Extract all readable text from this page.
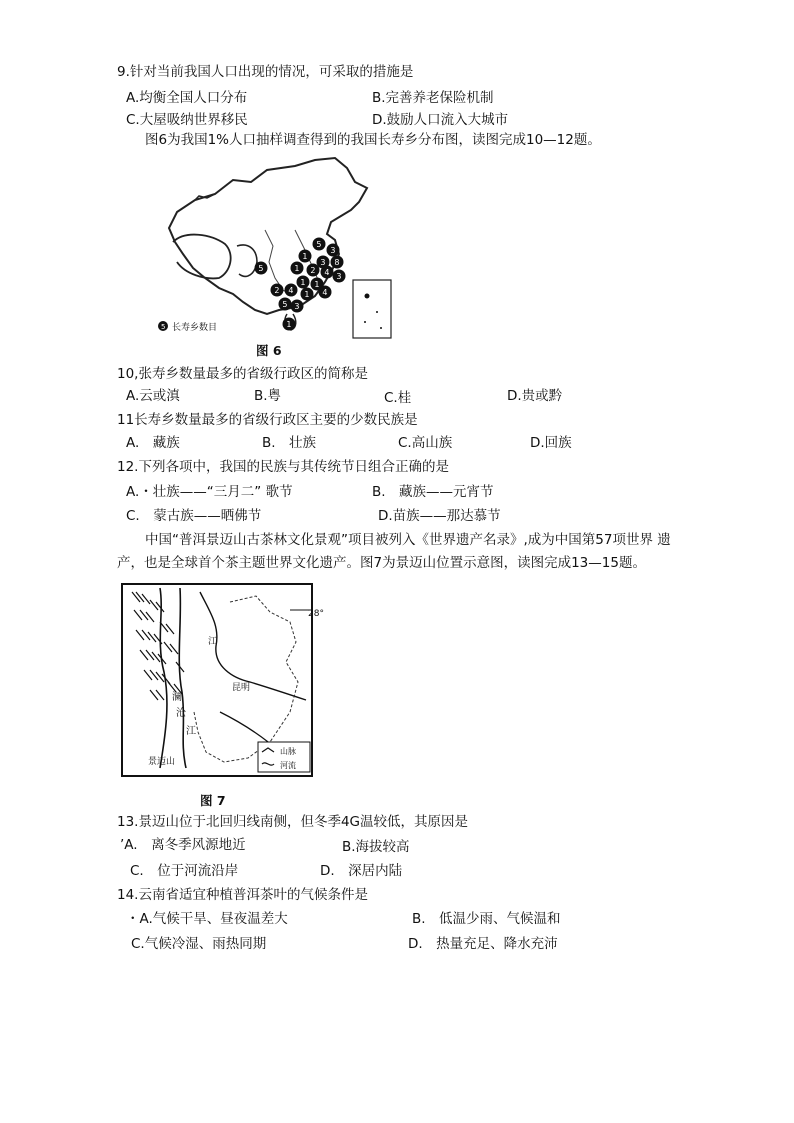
9.针对当前我国人口出现的情况，可采取的措施是
A.均衡全国人口分布	B.完善养老保险机制
C.大屋吸纳世界移民	D.鼓励人口流入大城市
图6为我国1%人口抽样调查得到的我国长寿乡分布图，读图完成10—12题。
5
3
1
3 8
1 2 4 3
1 1
5
2 4 1 4
5 3
1
5 长寿乡数目
图 6
10,张寿乡数量最多的省级行政区的简称是
A.云或滇	B.粤	C.桂	D.贵或黔
11长寿乡数量最多的省级行政区主要的少数民族是
A.　藏族	B.　壮族	C.高山族	D.回族
12.下列各项中，我国的民族与其传统节日组合正确的是
A.・壮族——“三月二” 歌节	B.　藏族——元宵节
C.　蒙古族——晒佛节	D.苗族——那达慕节
中国“普洱景迈山古茶林文化景观”项目被列入《世界遗产名录》,成为中国第57项世界 遗
产，也是全球首个茶主题世界文化遗产。图7为景迈山位置示意图，读图完成13—15题。
28°
江
昆明
澜
沧
江
景迈山
山脉
河流
图 7
13.景迈山位于北回归线南侧，但冬季4G温较低，其原因是
’A.　离冬季风源地近	B.海拔较高
C.　位于河流沿岸	D.　深居内陆
14.云南省适宜种植普洱茶叶的气候条件是
・A.气候干旱、昼夜温差大	B.　低温少雨、气候温和
C.气候冷湿、雨热同期	D.　热量充足、降水充沛
